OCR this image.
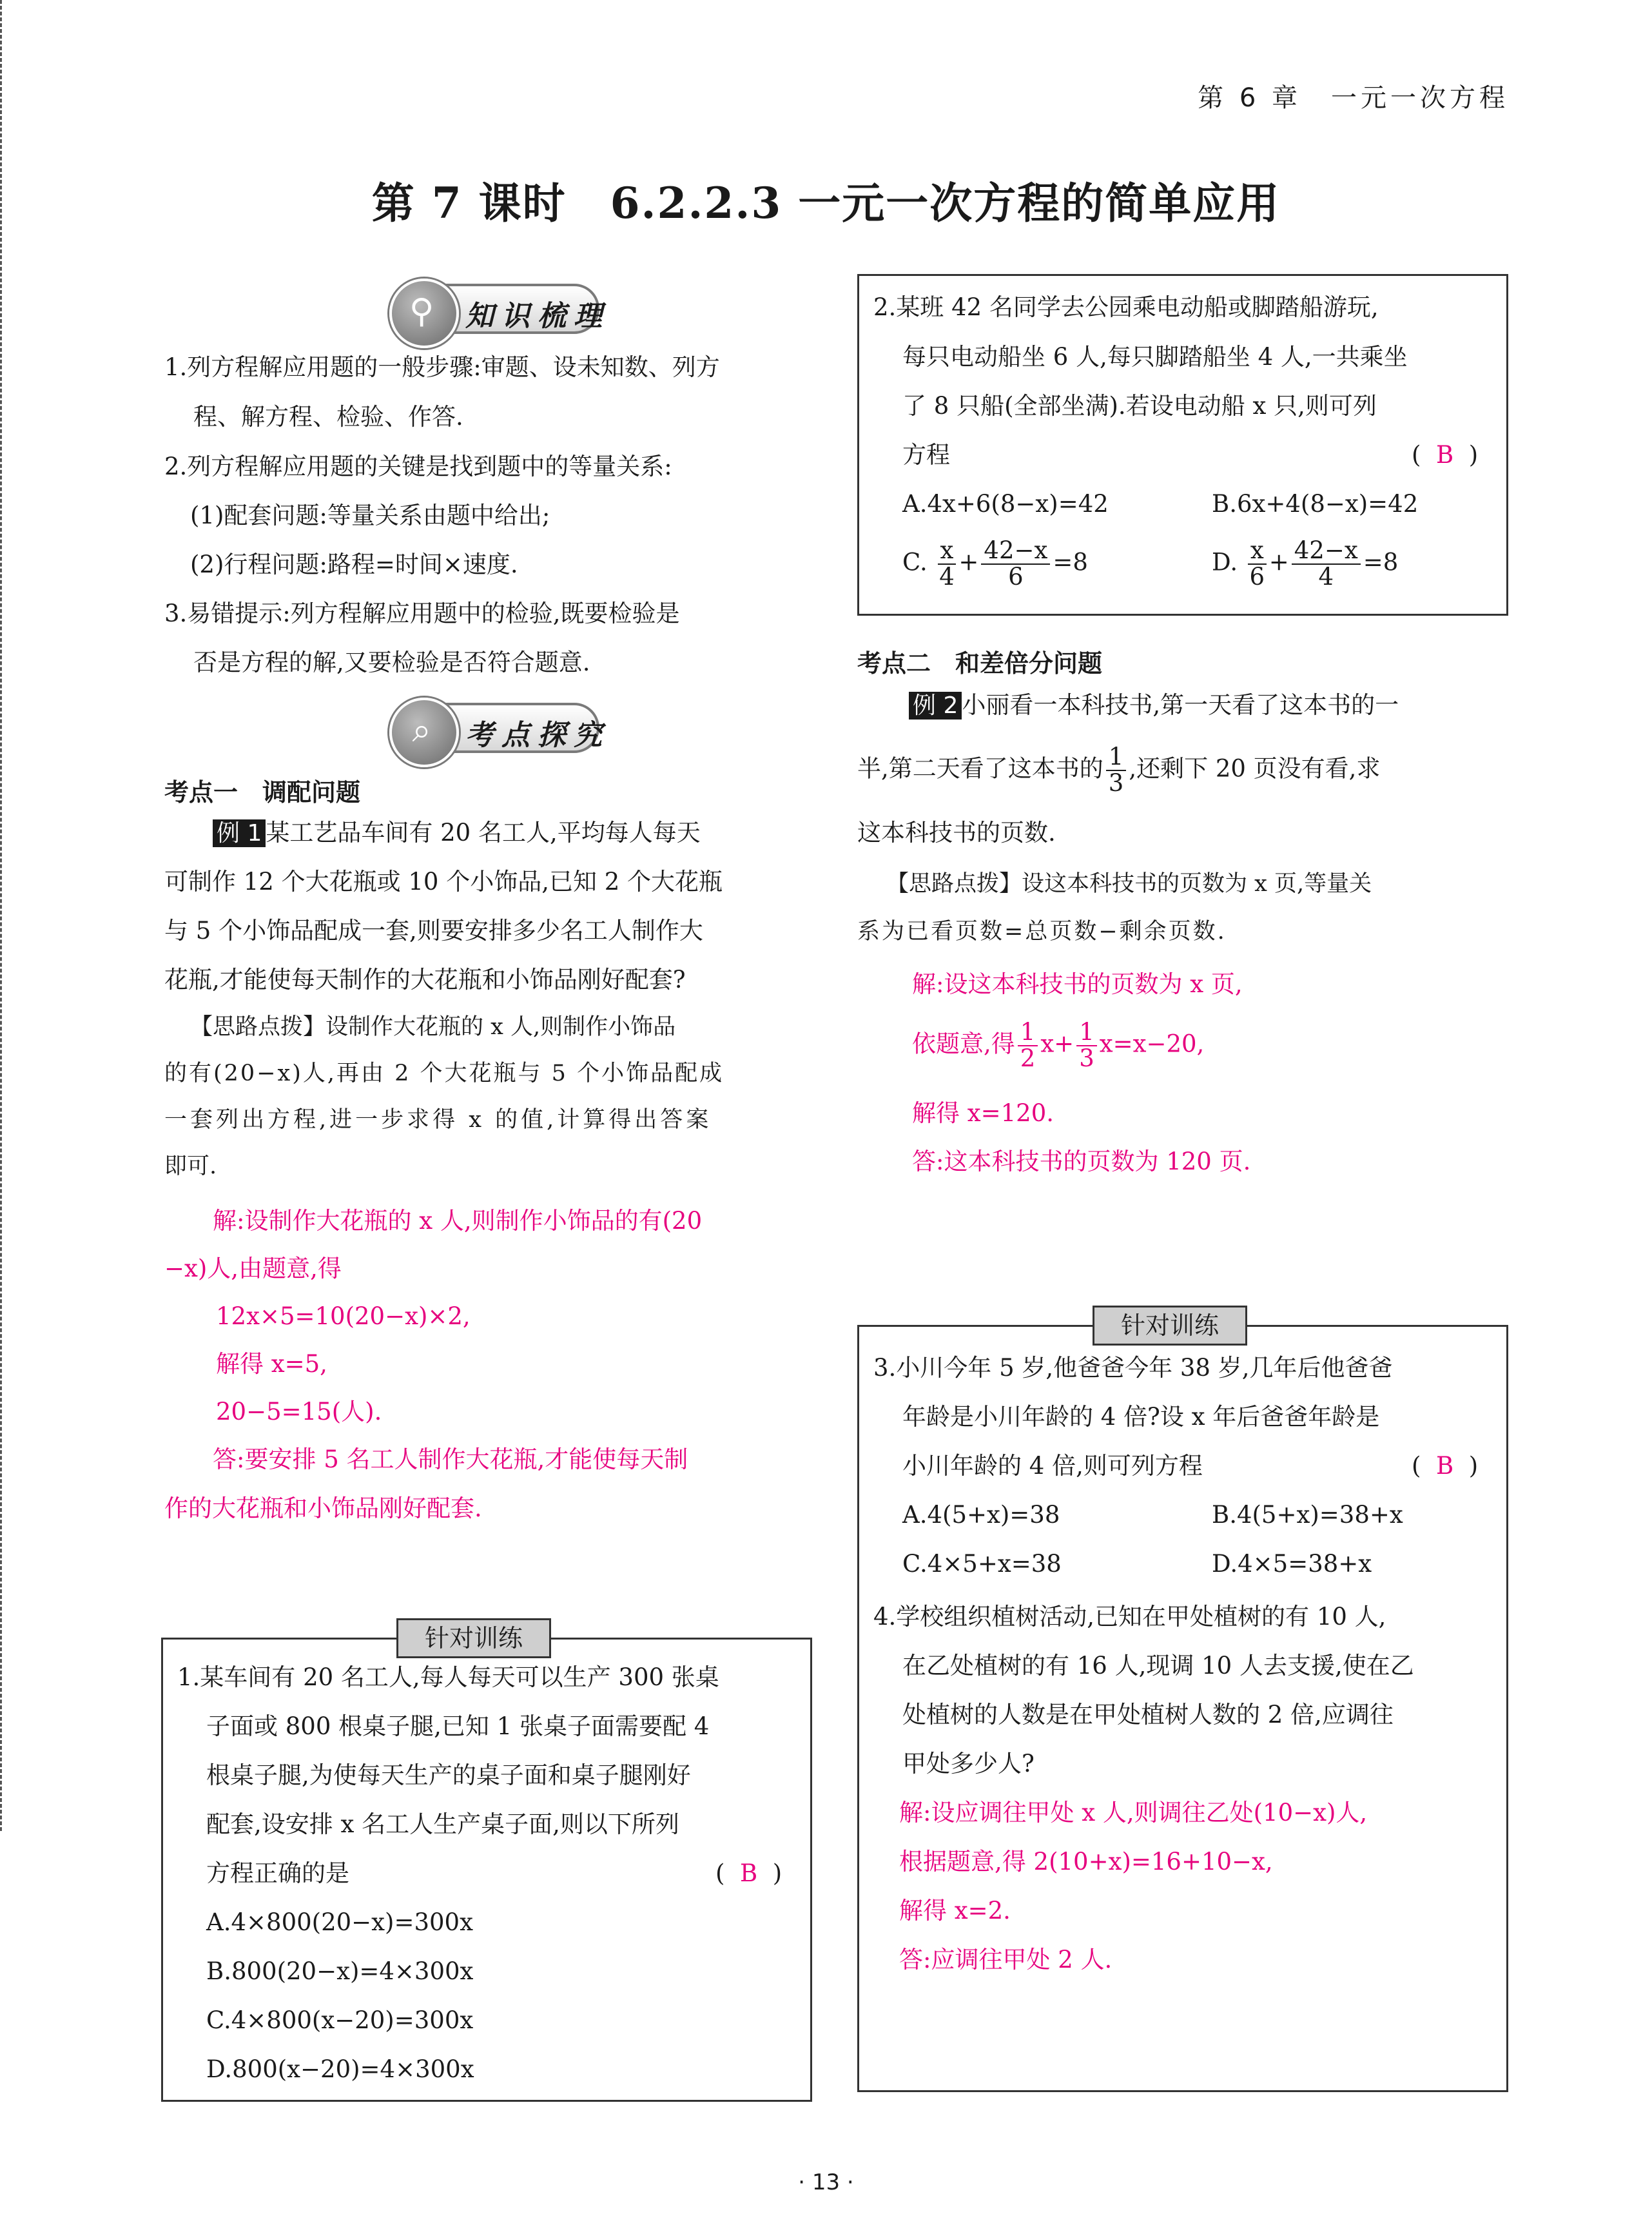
第 6 章　一元一次方程
第 7 课时　6.2.2.3 一元一次方程的简单应用
⚲ 知识梳理
1.列方程解应用题的一般步骤:审题、设未知数、列方
程、解方程、检验、作答.
2.列方程解应用题的关键是找到题中的等量关系:
(1)配套问题:等量关系由题中给出;
(2)行程问题:路程=时间×速度.
3.易错提示:列方程解应用题中的检验,既要检验是
否是方程的解,又要检验是否符合题意.
⌕ 考点探究
考点一　调配问题
例 1 某工艺品车间有 20 名工人,平均每人每天
可制作 12 个大花瓶或 10 个小饰品,已知 2 个大花瓶
与 5 个小饰品配成一套,则要安排多少名工人制作大
花瓶,才能使每天制作的大花瓶和小饰品刚好配套?
【思路点拨】设制作大花瓶的 x 人,则制作小饰品
的有(20−x)人,再由 2 个大花瓶与 5 个小饰品配成
一套列出方程,进一步求得 x 的值,计算得出答案
即可.
解:设制作大花瓶的 x 人,则制作小饰品的有(20
−x)人,由题意,得
12x×5=10(20−x)×2,
解得 x=5,
20−5=15(人).
答:要安排 5 名工人制作大花瓶,才能使每天制
作的大花瓶和小饰品刚好配套.
针对训练
1.某车间有 20 名工人,每人每天可以生产 300 张桌
子面或 800 根桌子腿,已知 1 张桌子面需要配 4
根桌子腿,为使每天生产的桌子面和桌子腿刚好
配套,设安排 x 名工人生产桌子面,则以下所列
方程正确的是	(  B  )
A.4×800(20−x)=300x
B.800(20−x)=4×300x
C.4×800(x−20)=300x
D.800(x−20)=4×300x
2.某班 42 名同学去公园乘电动船或脚踏船游玩,
每只电动船坐 6 人,每只脚踏船坐 4 人,一共乘坐
了 8 只船(全部坐满).若设电动船 x 只,则可列
方程	(  B  )
A.4x+6(8−x)=42	B.6x+4(8−x)=42
C. $\frac{x}{4} + \frac{42-x}{6} =8$	D. $\frac{x}{6} + \frac{42-x}{4} =8$
考点二　和差倍分问题
例 2 小丽看一本科技书,第一天看了这本书的一
半,第二天看了这本书的 $\frac{1}{3}$ ,还剩下 20 页没有看,求
这本科技书的页数.
【思路点拨】设这本科技书的页数为 x 页,等量关
系为已看页数=总页数−剩余页数.
解:设这本科技书的页数为 x 页,
依题意,得 $\frac{1}{2} x+ \frac{1}{3} x=x-20$,
解得 x=120.
答:这本科技书的页数为 120 页.
针对训练
3.小川今年 5 岁,他爸爸今年 38 岁,几年后他爸爸
年龄是小川年龄的 4 倍?设 x 年后爸爸年龄是
小川年龄的 4 倍,则可列方程	(  B  )
A.4(5+x)=38	B.4(5+x)=38+x
C.4×5+x=38	D.4×5=38+x
4.学校组织植树活动,已知在甲处植树的有 10 人,
在乙处植树的有 16 人,现调 10 人去支援,使在乙
处植树的人数是在甲处植树人数的 2 倍,应调往
甲处多少人?
解:设应调往甲处 x 人,则调往乙处(10−x)人,
根据题意,得 2(10+x)=16+10−x,
解得 x=2.
答:应调往甲处 2 人.
· 13 ·
